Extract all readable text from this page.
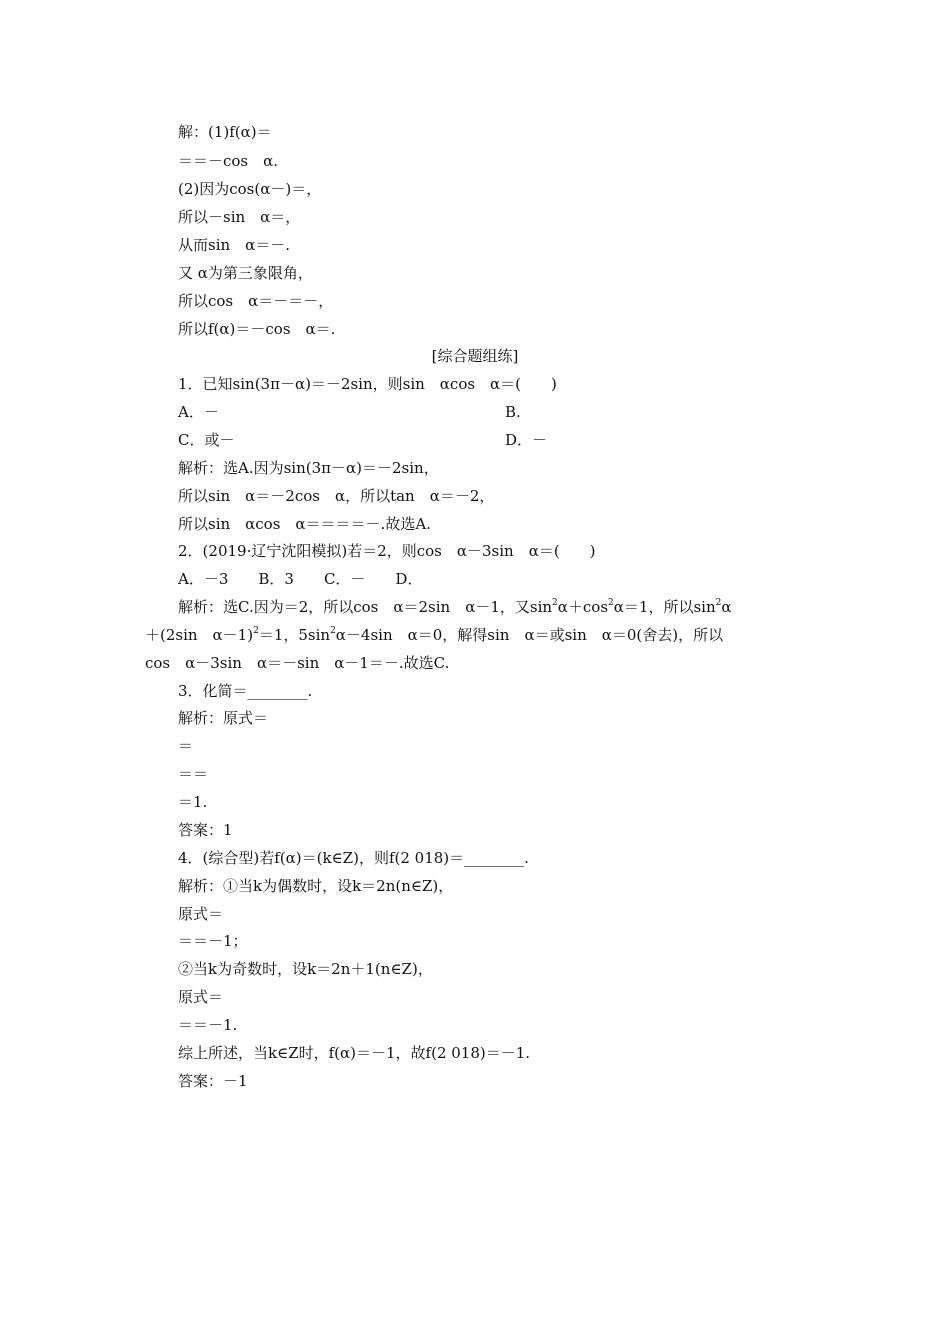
解：(1)f(α)＝
＝＝－cos　α.
(2)因为cos(α－)＝，
所以－sin　α＝，
从而sin　α＝－.
又 α为第三象限角，
所以cos　α＝－＝－，
所以f(α)＝－cos　α＝.
[综合题组练]
1．已知sin(3π－α)＝－2sin，则sin　αcos　α＝(　　)
A．－	B.
C．或－	D．－
解析：选A.因为sin(3π－α)＝－2sin，
所以sin　α＝－2cos　α，所以tan　α＝－2，
所以sin　αcos　α＝＝＝＝－.故选A.
2．(2019·辽宁沈阳模拟)若＝2，则cos　α－3sin　α＝(　　)
A．－3　　B．3　　C．－　　D．
解析：选C.因为＝2，所以cos　α＝2sin　α－1，又$\sin^2\alpha+\cos^2\alpha=1$，所以$\sin^2\alpha$
＋(2sin　α－1)$^2$＝1，$5\sin^2\alpha-4\sin$　α＝0，解得sin　α＝或sin　α＝0(舍去)，所以
cos　α－3sin　α＝－sin　α－1＝－.故选C.
3．化简＝________.
解析：原式＝
＝
＝＝
＝1.
答案：1
4．(综合型)若f(α)＝(k∈Z)，则f(2 018)＝________.
解析：①当k为偶数时，设k＝2n(n∈Z)，
原式＝
＝＝－1；
②当k为奇数时，设k＝2n＋1(n∈Z)，
原式＝
＝＝－1.
综上所述，当k∈Z时，f(α)＝－1，故f(2 018)＝－1.
答案：－1
